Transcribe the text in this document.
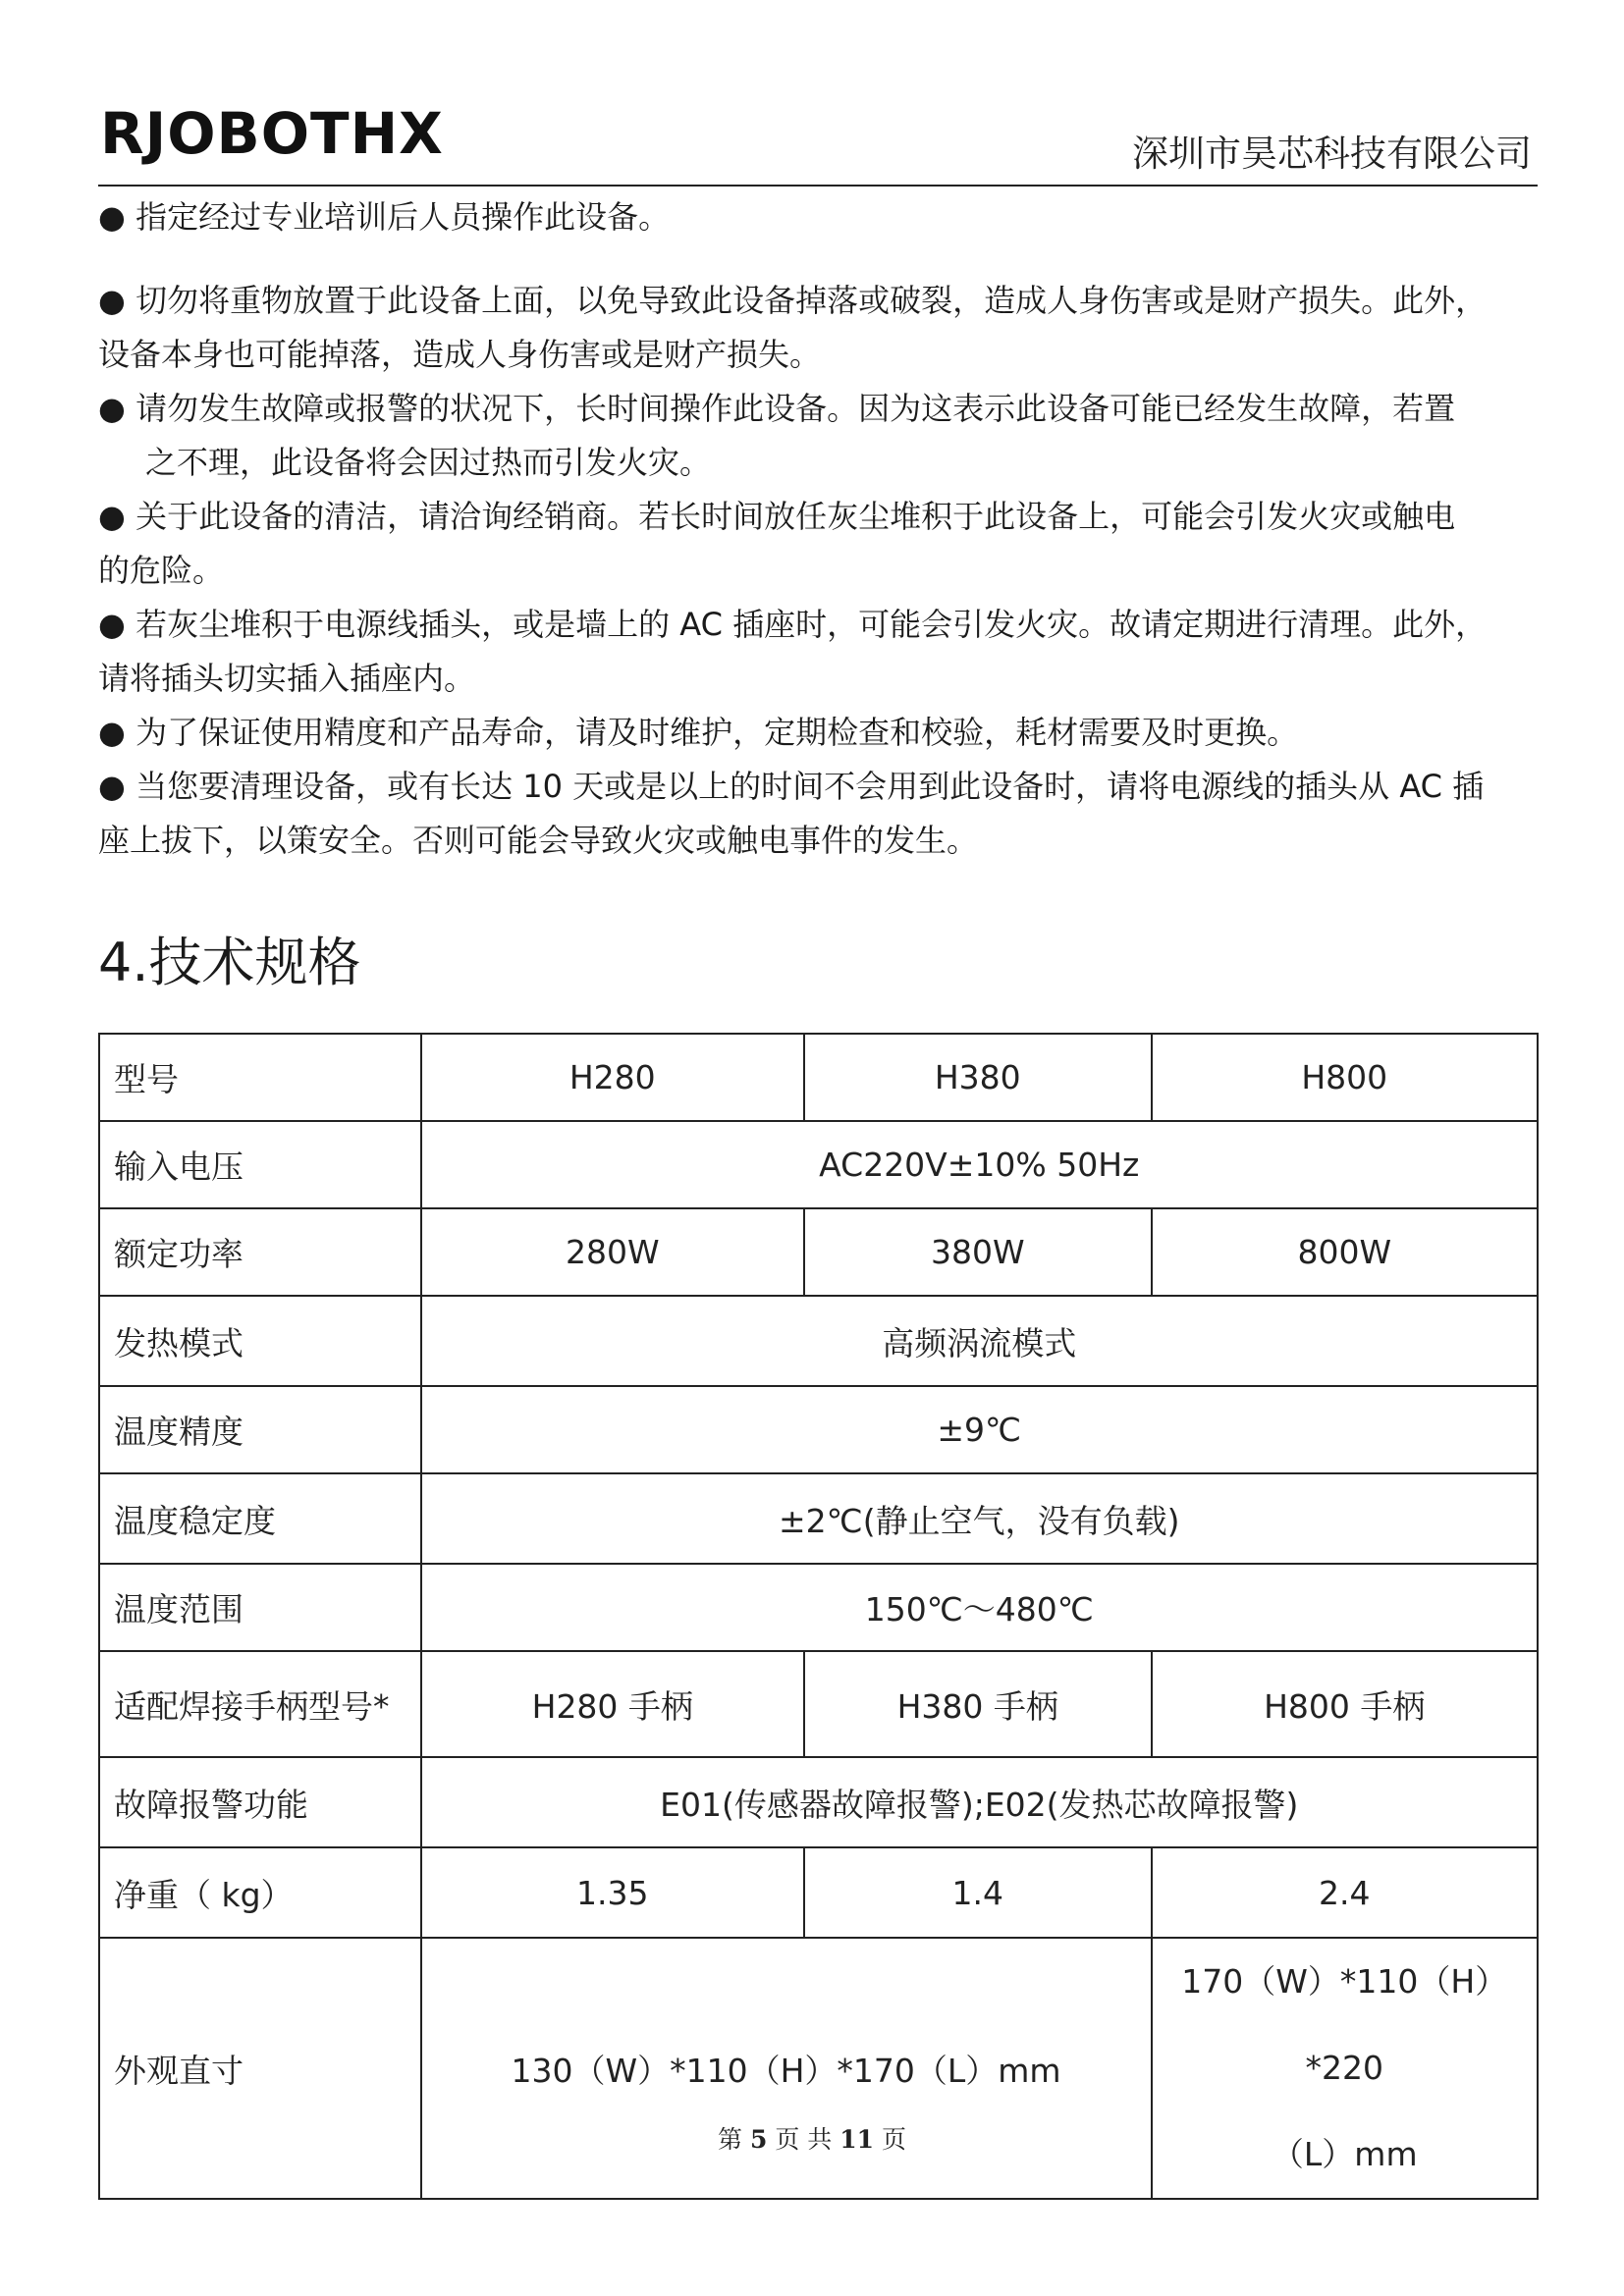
RJOBOTHX	深圳市昊芯科技有限公司
● 指定经过专业培训后人员操作此设备。
● 切勿将重物放置于此设备上面，以免导致此设备掉落或破裂，造成人身伤害或是财产损失。此外，
设备本身也可能掉落，造成人身伤害或是财产损失。
● 请勿发生故障或报警的状况下，长时间操作此设备。因为这表示此设备可能已经发生故障，若置
之不理，此设备将会因过热而引发火灾。
● 关于此设备的清洁，请洽询经销商。若长时间放任灰尘堆积于此设备上，可能会引发火灾或触电
的危险。
● 若灰尘堆积于电源线插头，或是墙上的 AC 插座时，可能会引发火灾。故请定期进行清理。此外，
请将插头切实插入插座内。
● 为了保证使用精度和产品寿命，请及时维护，定期检查和校验，耗材需要及时更换。
● 当您要清理设备，或有长达 10 天或是以上的时间不会用到此设备时，请将电源线的插头从 AC 插
座上拔下，以策安全。否则可能会导致火灾或触电事件的发生。
4.技术规格
型号	H280	H380	H800
输入电压	AC220V±10% 50Hz		
额定功率	280W	380W	800W
发热模式	高频涡流模式		
温度精度	±9℃		
温度稳定度	±2℃(静止空气，没有负载)		
温度范围	150℃～480℃		
适配焊接手柄型号*	H280 手柄	H380 手柄	H800 手柄
故障报警功能	E01(传感器故障报警);E02(发热芯故障报警)		
净重（ kg）	1.35	1.4	2.4
外观直寸	130（W）*110（H）*170（L）mm		170（W）*110（H）*220
（L）mm
第 5 页 共 11 页
